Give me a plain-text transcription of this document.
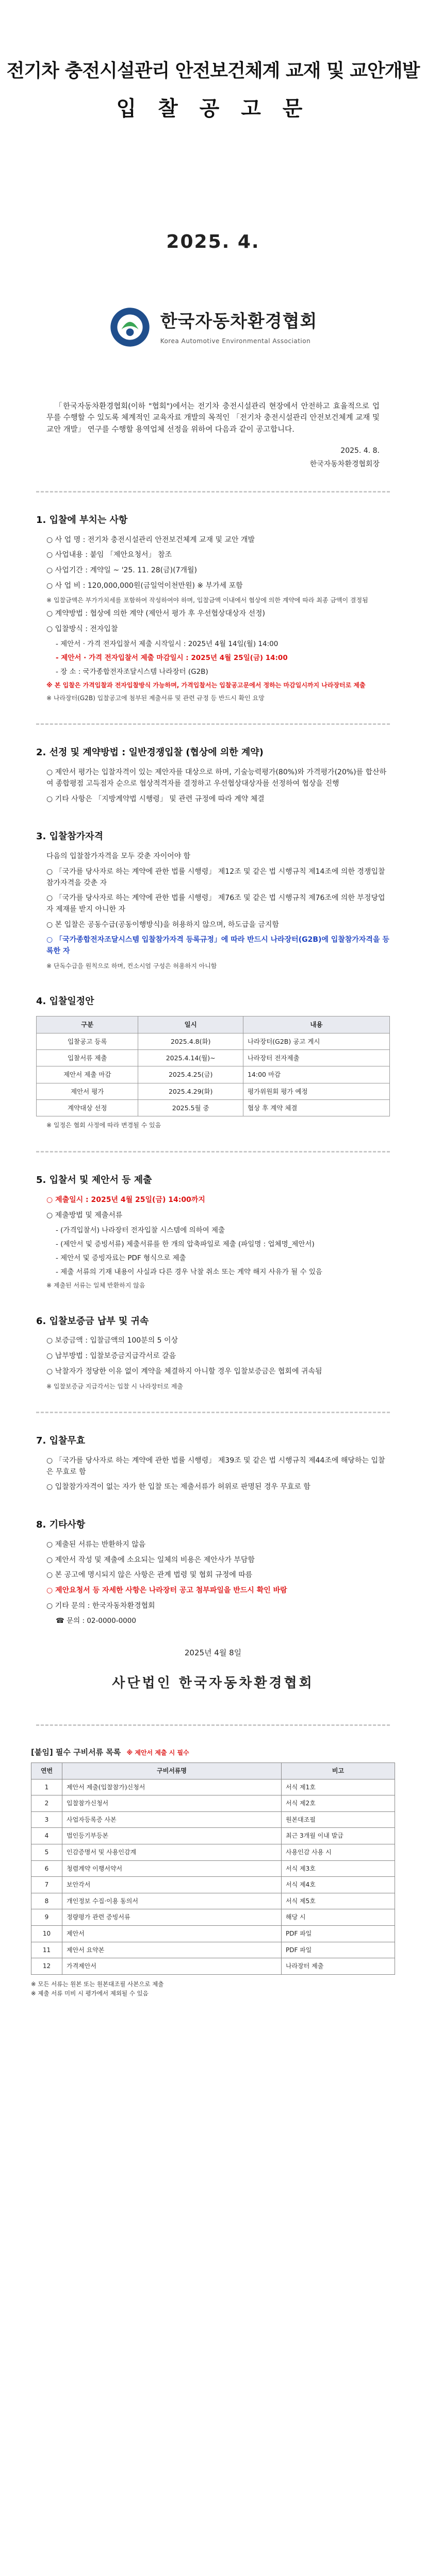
전기차 충전시설관리 안전보건체계 교재 및 교안개발
입 찰 공 고 문
2025. 4.
한국자동차환경협회
Korea Automotive Environmental Association

「한국자동차환경협회(이하 "협회")에서는 전기차 충전시설관리 현장에서 안전하고 효율적으로 업무를 수행할 수 있도록 체계적인 교육자료 개발의 목적인 「전기차 충전시설관리 안전보건체계 교재 및 교안 개발」 연구를 수행할 용역업체 선정을 위하여 다음과 같이 공고합니다.

2025. 4. 8.
한국자동차환경협회장
1. 입찰에 부치는 사항
○ 사 업 명 : 전기차 충전시설관리 안전보건체계 교재 및 교안 개발
○ 사업내용 : 붙임 「제안요청서」 참조
○ 사업기간 : 계약일 ~ '25. 11. 28(금)(7개월)
○ 사 업 비 : 120,000,000원(금일억이천만원) ※ 부가세 포함
※ 입찰금액은 부가가치세를 포함하여 작성하여야 하며, 입찰금액 이내에서 협상에 의한 계약에 따라 최종 금액이 결정됨
○ 계약방법 : 협상에 의한 계약 (제안서 평가 후 우선협상대상자 선정)
○ 입찰방식 : 전자입찰
- 제안서 · 가격 전자입찰서 제출 시작일시 : 2025년 4월 14일(월) 14:00
- 제안서 · 가격 전자입찰서 제출 마감일시 : 2025년 4월 25일(금) 14:00
- 장 소 : 국가종합전자조달시스템 나라장터 (G2B)
※ 본 입찰은 가격입찰과 전자입찰방식 가능하며, 가격입찰서는 입찰공고문에서 정하는 마감일시까지 나라장터로 제출
※ 나라장터(G2B) 입찰공고에 첨부된 제출서류 및 관련 규정 등 반드시 확인 요망
2. 선정 및 계약방법 : 일반경쟁입찰 (협상에 의한 계약)
○ 제안서 평가는 입찰자격이 있는 제안자를 대상으로 하며, 기술능력평가(80%)와 가격평가(20%)를 합산하여 종합평점 고득점자 순으로 협상적격자를 결정하고 우선협상대상자를 선정하여 협상을 진행
○ 기타 사항은 「지방계약법 시행령」 및 관련 규정에 따라 계약 체결
3. 입찰참가자격
다음의 입찰참가자격을 모두 갖춘 자이어야 함
○ 「국가를 당사자로 하는 계약에 관한 법률 시행령」 제12조 및 같은 법 시행규칙 제14조에 의한 경쟁입찰참가자격을 갖춘 자
○ 「국가를 당사자로 하는 계약에 관한 법률 시행령」 제76조 및 같은 법 시행규칙 제76조에 의한 부정당업자 제재를 받지 아니한 자
○ 본 입찰은 공동수급(공동이행방식)을 허용하지 않으며, 하도급을 금지함
○ 「국가종합전자조달시스템 입찰참가자격 등록규정」에 따라 반드시 나라장터(G2B)에 입찰참가자격을 등록한 자
※ 단독수급을 원칙으로 하며, 컨소시엄 구성은 허용하지 아니함
4. 입찰일정안
구분	일시	내용
입찰공고 등록	2025.4.8(화)	나라장터(G2B) 공고 게시
입찰서류 제출	2025.4.14(월)~	나라장터 전자제출
제안서 제출 마감	2025.4.25(금)	14:00 마감
제안서 평가	2025.4.29(화)	평가위원회 평가 예정
계약대상 선정	2025.5월 중	협상 후 계약 체결
※ 일정은 협회 사정에 따라 변경될 수 있음
5. 입찰서 및 제안서 등 제출
○ 제출일시 : 2025년 4월 25일(금) 14:00까지
○ 제출방법 및 제출서류
- (가격입찰서) 나라장터 전자입찰 시스템에 의하여 제출
- (제안서 및 증빙서류) 제출서류를 한 개의 압축파일로 제출 (파일명 : 업체명_제안서)
- 제안서 및 증빙자료는 PDF 형식으로 제출
- 제출 서류의 기재 내용이 사실과 다른 경우 낙찰 취소 또는 계약 해지 사유가 될 수 있음
※ 제출된 서류는 일체 반환하지 않음
6. 입찰보증금 납부 및 귀속
○ 보증금액 : 입찰금액의 100분의 5 이상
○ 납부방법 : 입찰보증금지급각서로 갈음
○ 낙찰자가 정당한 이유 없이 계약을 체결하지 아니할 경우 입찰보증금은 협회에 귀속됨
※ 입찰보증금 지급각서는 입찰 시 나라장터로 제출
7. 입찰무효
○ 「국가를 당사자로 하는 계약에 관한 법률 시행령」 제39조 및 같은 법 시행규칙 제44조에 해당하는 입찰은 무효로 함
○ 입찰참가자격이 없는 자가 한 입찰 또는 제출서류가 허위로 판명된 경우 무효로 함
8. 기타사항
○ 제출된 서류는 반환하지 않음
○ 제안서 작성 및 제출에 소요되는 일체의 비용은 제안사가 부담함
○ 본 공고에 명시되지 않은 사항은 관계 법령 및 협회 규정에 따름
○ 제안요청서 등 자세한 사항은 나라장터 공고 첨부파일을 반드시 확인 바람
○ 기타 문의 : 한국자동차환경협회
☎ 문의 : 02-0000-0000
2025년 4월 8일
사단법인 한국자동차환경협회
[붙임] 필수 구비서류 목록 ※ 제안서 제출 시 필수
연번	구비서류명	비고
1	제안서 제출(입찰참가)신청서	서식 제1호
2	입찰참가신청서	서식 제2호
3	사업자등록증 사본	원본대조필
4	법인등기부등본	최근 3개월 이내 발급
5	인감증명서 및 사용인감계	사용인감 사용 시
6	청렴계약 이행서약서	서식 제3호
7	보안각서	서식 제4호
8	개인정보 수집·이용 동의서	서식 제5호
9	정량평가 관련 증빙서류	해당 시
10	제안서	PDF 파일
11	제안서 요약본	PDF 파일
12	가격제안서	나라장터 제출
※ 모든 서류는 원본 또는 원본대조필 사본으로 제출
※ 제출 서류 미비 시 평가에서 제외될 수 있음
